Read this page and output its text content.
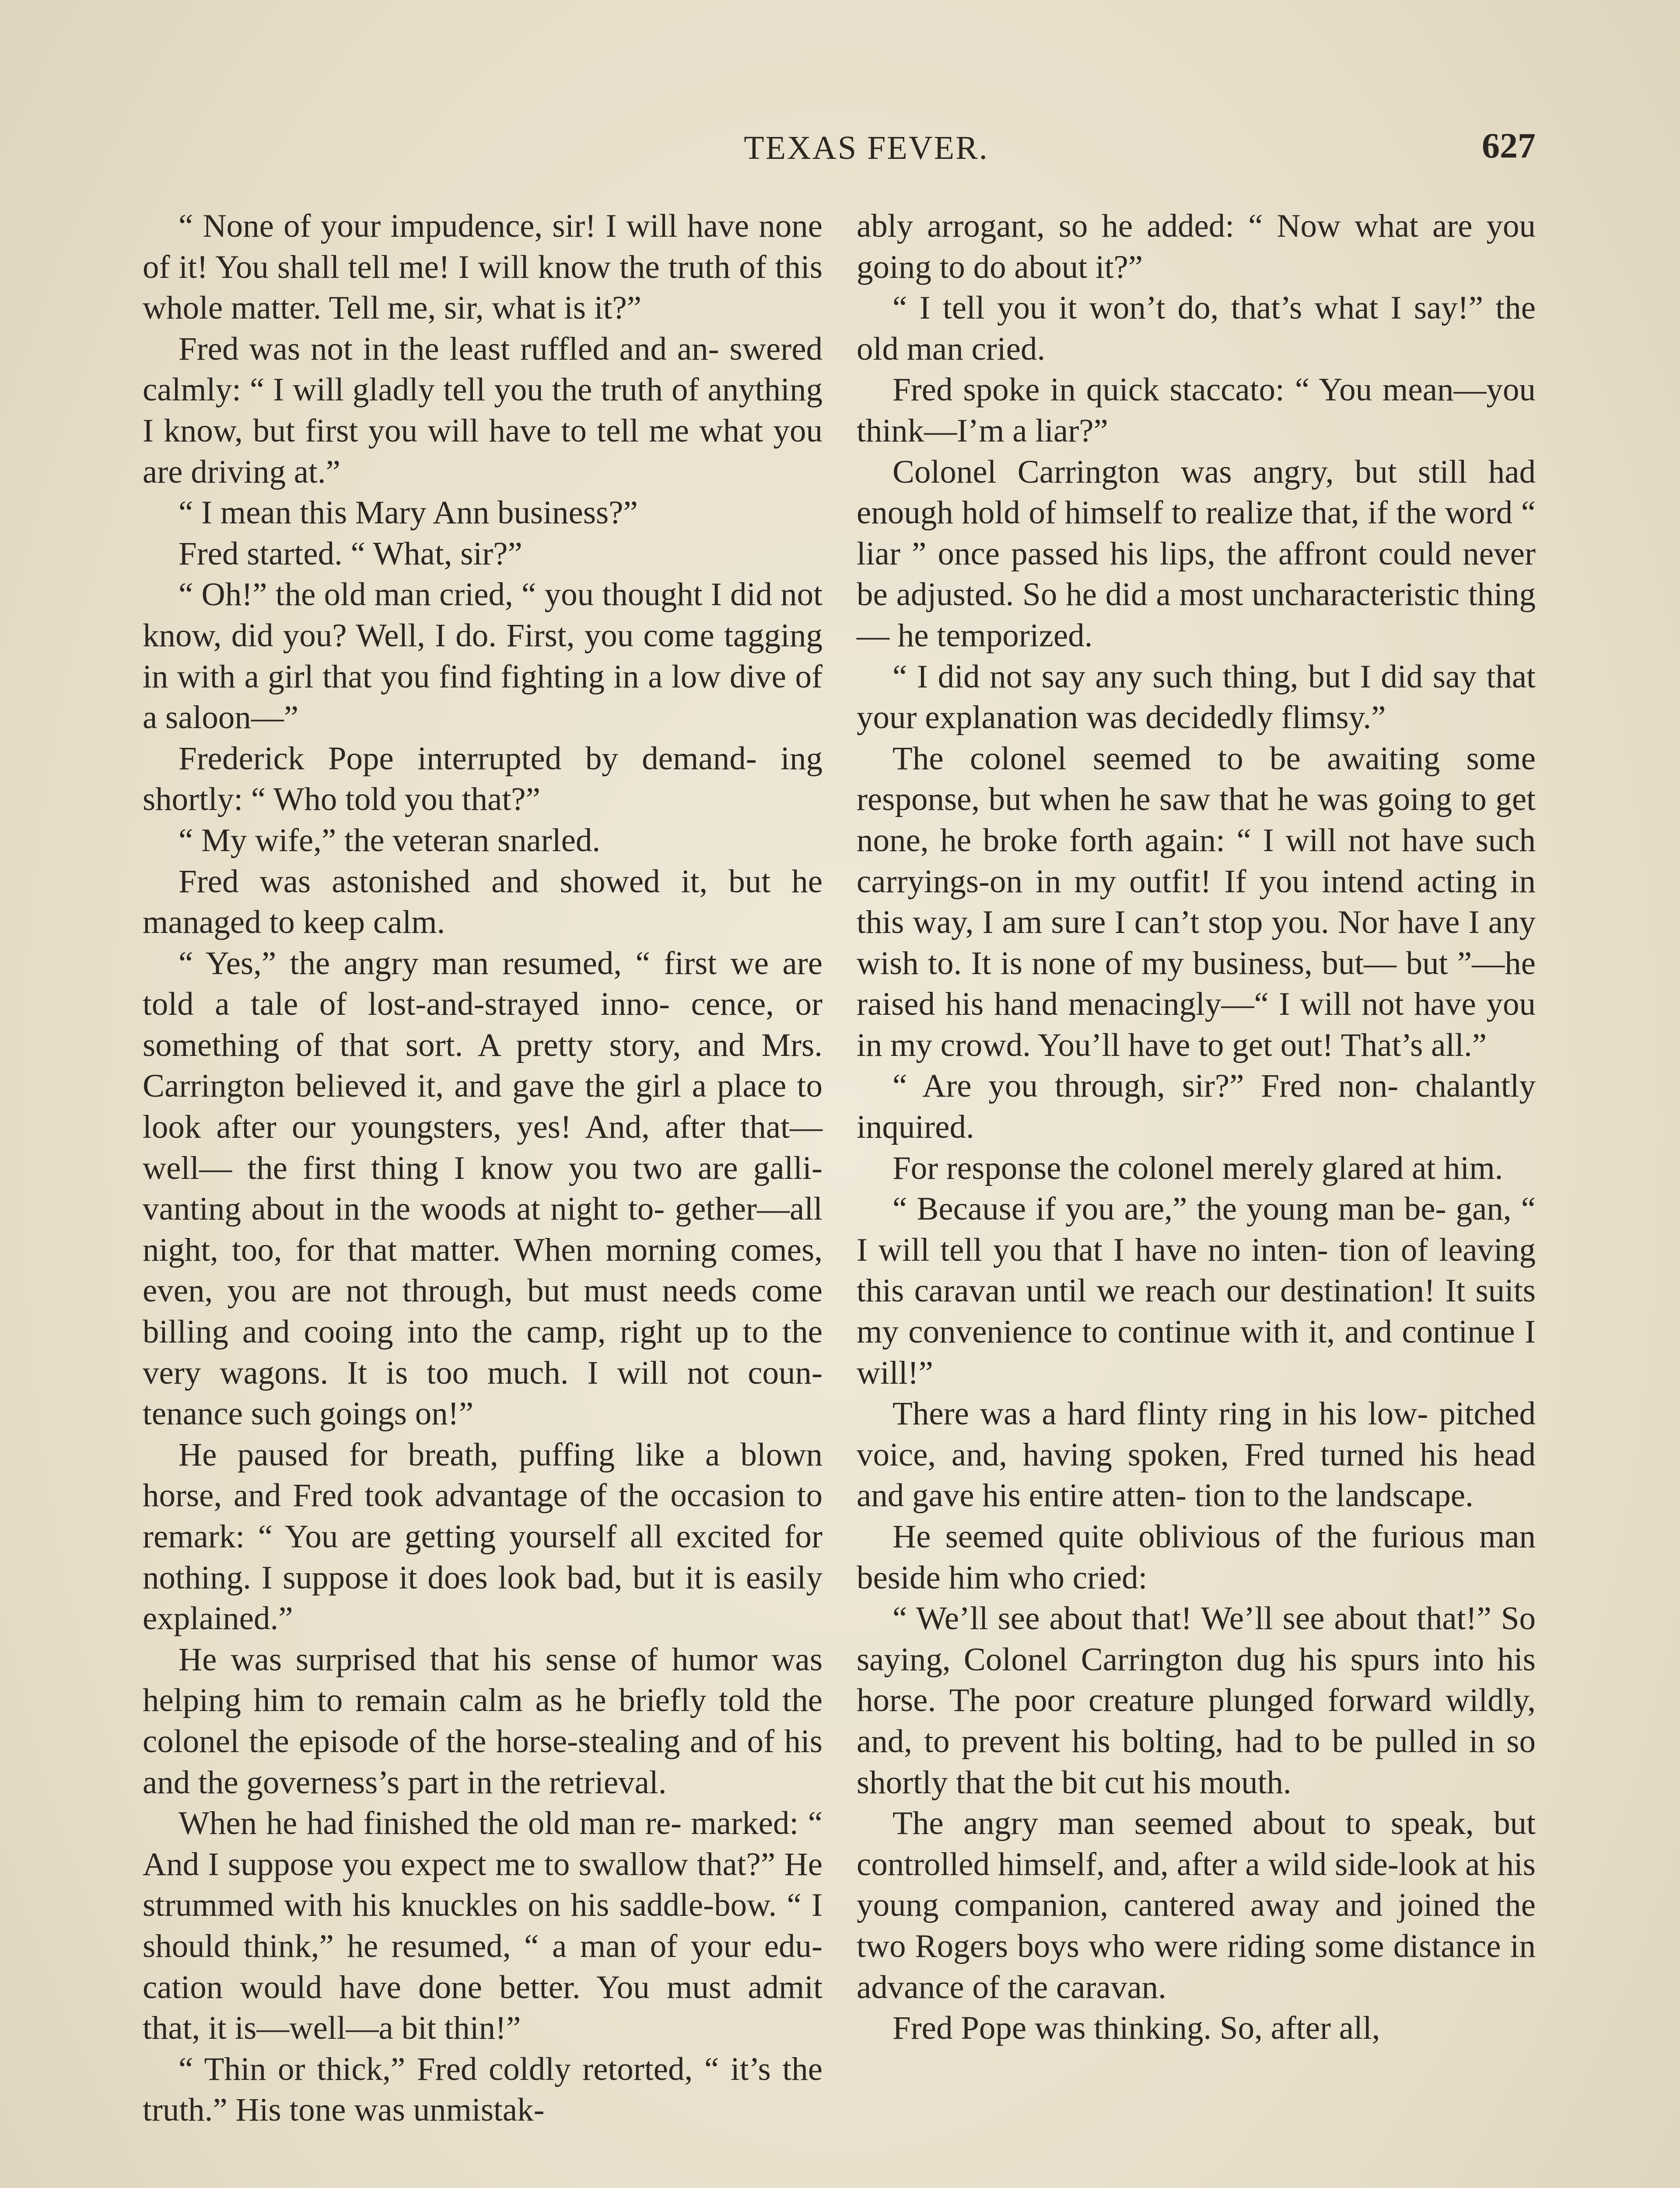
TEXAS FEVER.	627

“ None of your impudence, sir! I will have none of it! You shall tell me! I will know the truth of this whole matter. Tell me, sir, what is it?”

Fred was not in the least ruffled and an- swered calmly: “ I will gladly tell you the truth of anything I know, but first you will have to tell me what you are driving at.”

“ I mean this Mary Ann business?”

Fred started. “ What, sir?”

“ Oh!” the old man cried, “ you thought I did not know, did you? Well, I do. First, you come tagging in with a girl that you find fighting in a low dive of a saloon—”

Frederick Pope interrupted by demand- ing shortly: “ Who told you that?”

“ My wife,” the veteran snarled.

Fred was astonished and showed it, but he managed to keep calm.

“ Yes,” the angry man resumed, “ first we are told a tale of lost-and-strayed inno- cence, or something of that sort. A pretty story, and Mrs. Carrington believed it, and gave the girl a place to look after our youngsters, yes! And, after that—well— the first thing I know you two are galli- vanting about in the woods at night to- gether—all night, too, for that matter. When morning comes, even, you are not through, but must needs come billing and cooing into the camp, right up to the very wagons. It is too much. I will not coun- tenance such goings on!”

He paused for breath, puffing like a blown horse, and Fred took advantage of the occasion to remark: “ You are getting yourself all excited for nothing. I suppose it does look bad, but it is easily explained.”

He was surprised that his sense of humor was helping him to remain calm as he briefly told the colonel the episode of the horse-stealing and of his and the governess’s part in the retrieval.

When he had finished the old man re- marked: “ And I suppose you expect me to swallow that?” He strummed with his knuckles on his saddle-bow. “ I should think,” he resumed, “ a man of your edu- cation would have done better. You must admit that, it is—well—a bit thin!”

“ Thin or thick,” Fred coldly retorted, “ it’s the truth.” His tone was unmistak-

ably arrogant, so he added: “ Now what are you going to do about it?”

“ I tell you it won’t do, that’s what I say!” the old man cried.

Fred spoke in quick staccato: “ You mean—you think—I’m a liar?”

Colonel Carrington was angry, but still had enough hold of himself to realize that, if the word “ liar ” once passed his lips, the affront could never be adjusted. So he did a most uncharacteristic thing — he temporized.

“ I did not say any such thing, but I did say that your explanation was decidedly flimsy.”

The colonel seemed to be awaiting some response, but when he saw that he was going to get none, he broke forth again: “ I will not have such carryings-on in my outfit! If you intend acting in this way, I am sure I can’t stop you. Nor have I any wish to. It is none of my business, but— but ”—he raised his hand menacingly—“ I will not have you in my crowd. You’ll have to get out! That’s all.”

“ Are you through, sir?” Fred non- chalantly inquired.

For response the colonel merely glared at him.

“ Because if you are,” the young man be- gan, “ I will tell you that I have no inten- tion of leaving this caravan until we reach our destination! It suits my convenience to continue with it, and continue I will!”

There was a hard flinty ring in his low- pitched voice, and, having spoken, Fred turned his head and gave his entire atten- tion to the landscape.

He seemed quite oblivious of the furious man beside him who cried:

“ We’ll see about that! We’ll see about that!” So saying, Colonel Carrington dug his spurs into his horse. The poor creature plunged forward wildly, and, to prevent his bolting, had to be pulled in so shortly that the bit cut his mouth.

The angry man seemed about to speak, but controlled himself, and, after a wild side-look at his young companion, cantered away and joined the two Rogers boys who were riding some distance in advance of the caravan.

Fred Pope was thinking. So, after all,
